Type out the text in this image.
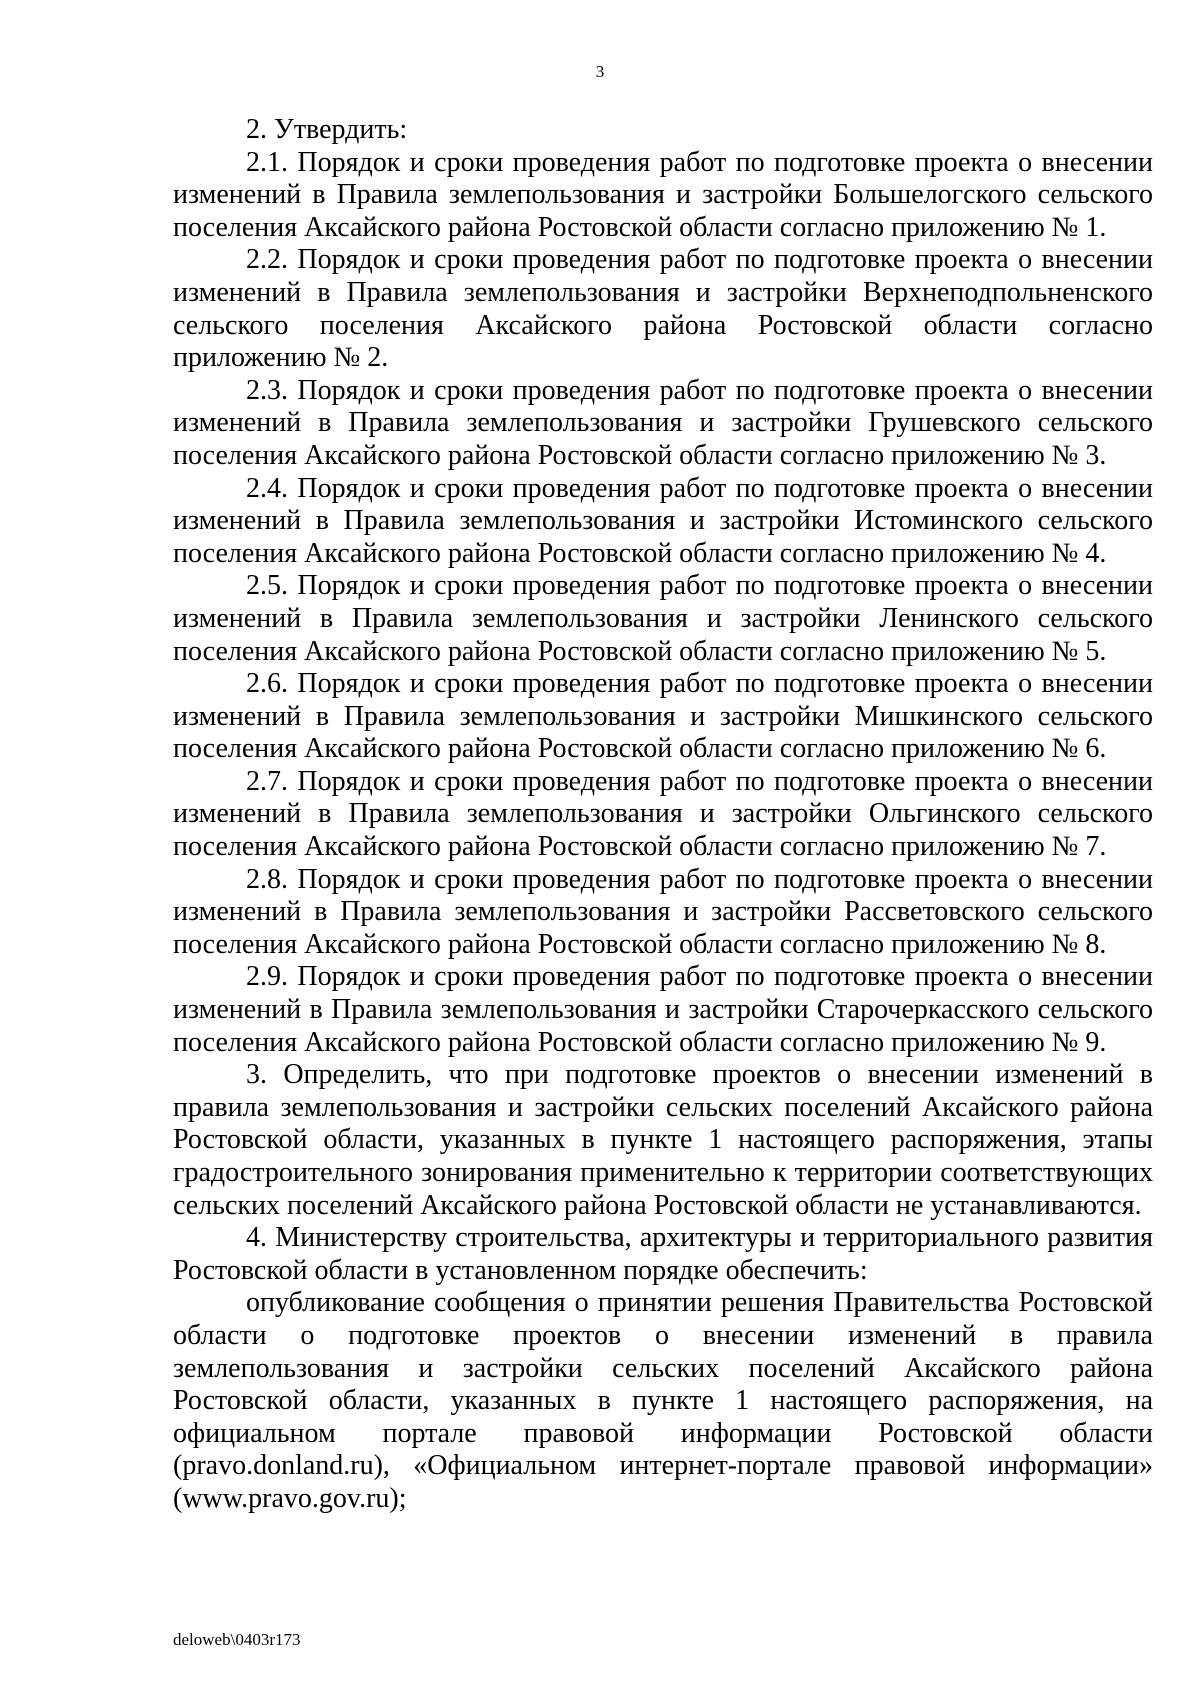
3

2. Утвердить:

2.1. Порядок и сроки проведения работ по подготовке проекта о внесении изменений в Правила землепользования и застройки Большелогского сельского поселения Аксайского района Ростовской области согласно приложению № 1.

2.2. Порядок и сроки проведения работ по подготовке проекта о внесении изменений в Правила землепользования и застройки Верхнеподпольненского сельского поселения Аксайского района Ростовской области согласно приложению № 2.

2.3. Порядок и сроки проведения работ по подготовке проекта о внесении изменений в Правила землепользования и застройки Грушевского сельского поселения Аксайского района Ростовской области согласно приложению № 3.

2.4. Порядок и сроки проведения работ по подготовке проекта о внесении изменений в Правила землепользования и застройки Истоминского сельского поселения Аксайского района Ростовской области согласно приложению № 4.

2.5. Порядок и сроки проведения работ по подготовке проекта о внесении изменений в Правила землепользования и застройки Ленинского сельского поселения Аксайского района Ростовской области согласно приложению № 5.

2.6. Порядок и сроки проведения работ по подготовке проекта о внесении изменений в Правила землепользования и застройки Мишкинского сельского поселения Аксайского района Ростовской области согласно приложению № 6.

2.7. Порядок и сроки проведения работ по подготовке проекта о внесении изменений в Правила землепользования и застройки Ольгинского сельского поселения Аксайского района Ростовской области согласно приложению № 7.

2.8. Порядок и сроки проведения работ по подготовке проекта о внесении изменений в Правила землепользования и застройки Рассветовского сельского поселения Аксайского района Ростовской области согласно приложению № 8.

2.9. Порядок и сроки проведения работ по подготовке проекта о внесении изменений в Правила землепользования и застройки Старочеркасского сельского поселения Аксайского района Ростовской области согласно приложению № 9.

3. Определить, что при подготовке проектов о внесении изменений в правила землепользования и застройки сельских поселений Аксайского района Ростовской области, указанных в пункте 1 настоящего распоряжения, этапы градостроительного зонирования применительно к территории соответствующих сельских поселений Аксайского района Ростовской области не устанавливаются.

4. Министерству строительства, архитектуры и территориального развития Ростовской области в установленном порядке обеспечить:

опубликование сообщения о принятии решения Правительства Ростовской области о подготовке проектов о внесении изменений в правила землепользования и застройки сельских поселений Аксайского района Ростовской области, указанных в пункте 1 настоящего распоряжения, на официальном портале правовой информации Ростовской области (pravo.donland.ru), «Официальном интернет-портале правовой информации» (www.pravo.gov.ru);

deloweb\0403r173
